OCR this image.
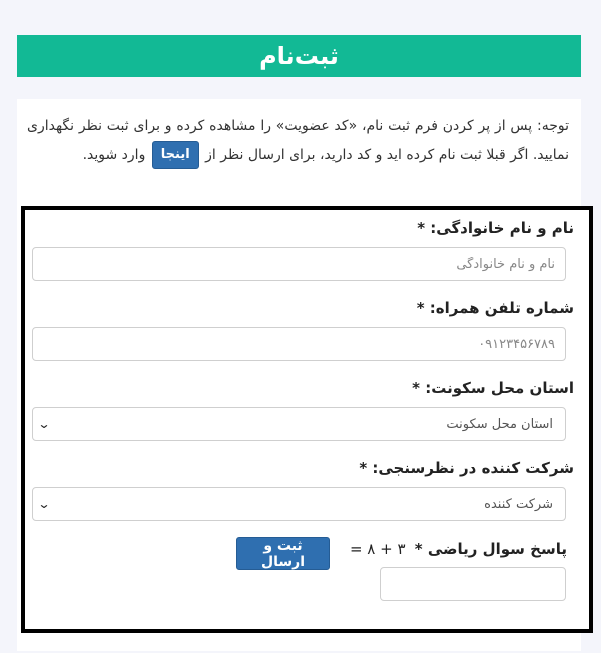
ثبت‌نام
توجه: پس از پر کردن فرم ثبت نام، «کد عضویت» را مشاهده کرده و برای ثبت نظر نگهداری نمایید. اگر قبلا ثبت نام کرده اید و کد دارید، برای ارسال نظر از اینجا وارد شوید.
نام و نام خانوادگی: *
نام و نام خانوادگی
شماره تلفن همراه: *
۰۹۱۲۳۴۵۶۷۸۹
استان محل سکونت: *
⌄	استان محل سکونت
شرکت کننده در نظرسنجی: *
⌄	شرکت کننده
پاسخ سوال ریاضی * ۳ + ۸ =
ثبت و ارسال
